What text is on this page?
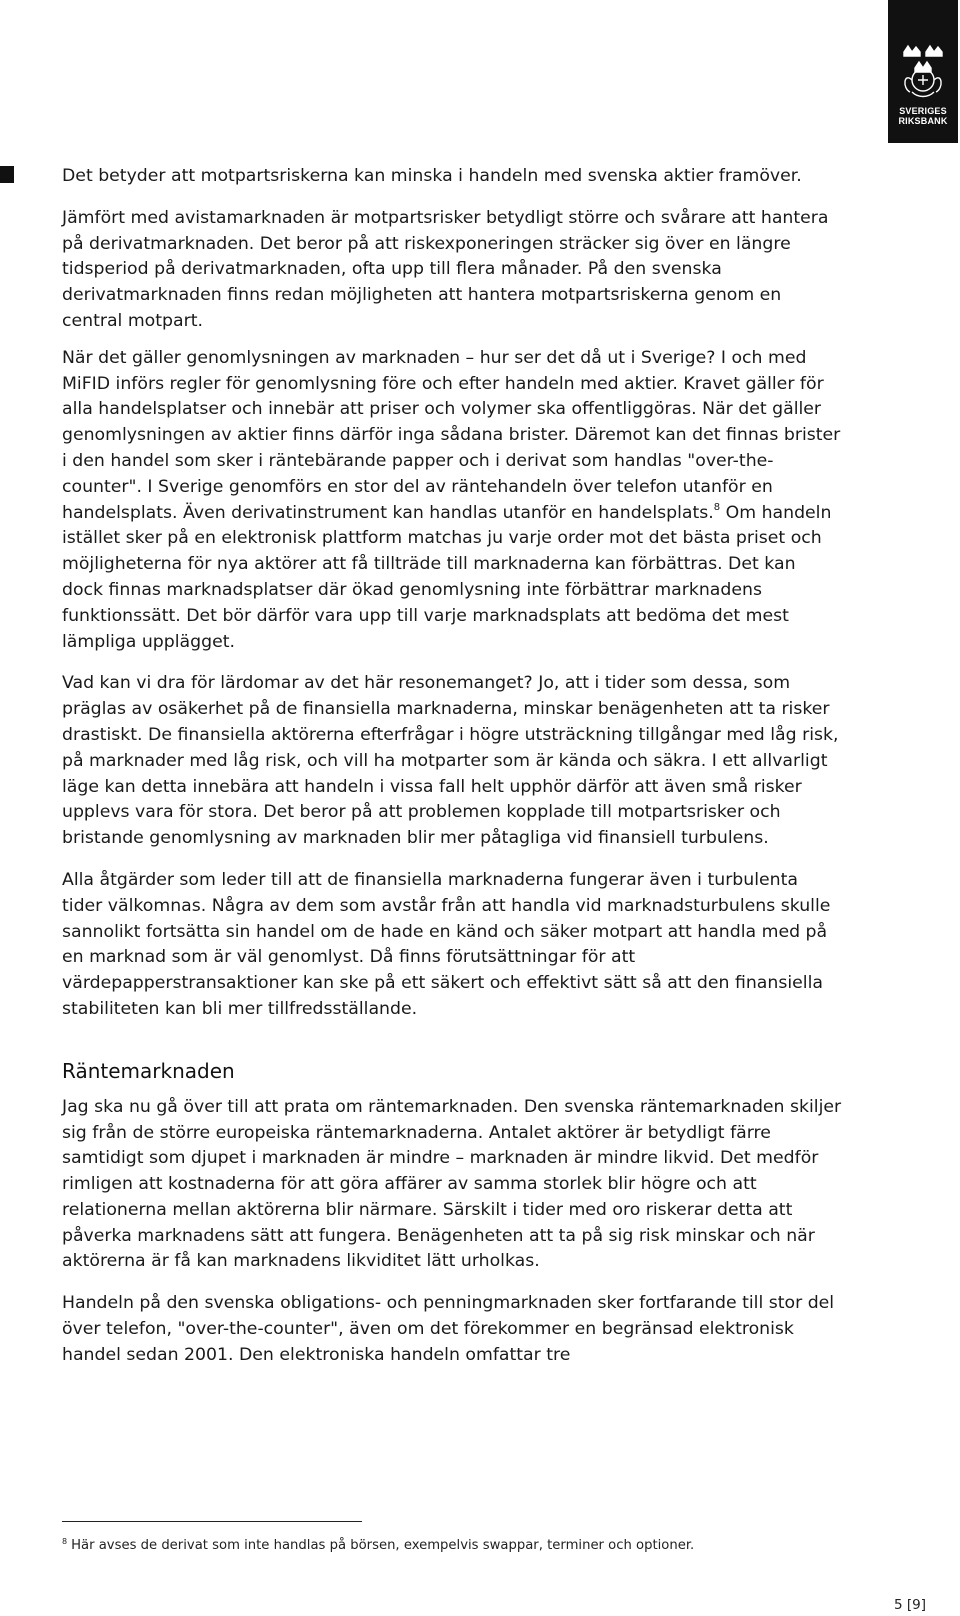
SVERIGES
RIKSBANK

Det betyder att motpartsriskerna kan minska i handeln med svenska aktier framöver.

Jämfört med avistamarknaden är motpartsrisker betydligt större och svårare att hantera på derivatmarknaden. Det beror på att riskexponeringen sträcker sig över en längre tidsperiod på derivatmarknaden, ofta upp till flera månader. På den svenska derivatmarknaden finns redan möjligheten att hantera motpartsriskerna genom en central motpart.

När det gäller genomlysningen av marknaden – hur ser det då ut i Sverige? I och med MiFID införs regler för genomlysning före och efter handeln med aktier. Kravet gäller för alla handelsplatser och innebär att priser och volymer ska offentliggöras. När det gäller genomlysningen av aktier finns därför inga sådana brister. Däremot kan det finnas brister i den handel som sker i räntebärande papper och i derivat som handlas "over-the-counter". I Sverige genomförs en stor del av räntehandeln över telefon utanför en handelsplats. Även derivatinstrument kan handlas utanför en handelsplats.$^8$ Om handeln istället sker på en elektronisk plattform matchas ju varje order mot det bästa priset och möjligheterna för nya aktörer att få tillträde till marknaderna kan förbättras. Det kan dock finnas marknadsplatser där ökad genomlysning inte förbättrar marknadens funktionssätt. Det bör därför vara upp till varje marknadsplats att bedöma det mest lämpliga upplägget.

Vad kan vi dra för lärdomar av det här resonemanget? Jo, att i tider som dessa, som präglas av osäkerhet på de finansiella marknaderna, minskar benägenheten att ta risker drastiskt. De finansiella aktörerna efterfrågar i högre utsträckning tillgångar med låg risk, på marknader med låg risk, och vill ha motparter som är kända och säkra. I ett allvarligt läge kan detta innebära att handeln i vissa fall helt upphör därför att även små risker upplevs vara för stora. Det beror på att problemen kopplade till motpartsrisker och bristande genomlysning av marknaden blir mer påtagliga vid finansiell turbulens.

Alla åtgärder som leder till att de finansiella marknaderna fungerar även i turbulenta tider välkomnas. Några av dem som avstår från att handla vid marknadsturbulens skulle sannolikt fortsätta sin handel om de hade en känd och säker motpart att handla med på en marknad som är väl genomlyst. Då finns förutsättningar för att värdepapperstransaktioner kan ske på ett säkert och effektivt sätt så att den finansiella stabiliteten kan bli mer tillfredsställande.

Räntemarknaden

Jag ska nu gå över till att prata om räntemarknaden. Den svenska räntemarknaden skiljer sig från de större europeiska räntemarknaderna. Antalet aktörer är betydligt färre samtidigt som djupet i marknaden är mindre – marknaden är mindre likvid. Det medför rimligen att kostnaderna för att göra affärer av samma storlek blir högre och att relationerna mellan aktörerna blir närmare. Särskilt i tider med oro riskerar detta att påverka marknadens sätt att fungera. Benägenheten att ta på sig risk minskar och när aktörerna är få kan marknadens likviditet lätt urholkas.

Handeln på den svenska obligations- och penningmarknaden sker fortfarande till stor del över telefon, "over-the-counter", även om det förekommer en begränsad elektronisk handel sedan 2001. Den elektroniska handeln omfattar tre

$^8$ Här avses de derivat som inte handlas på börsen, exempelvis swappar, terminer och optioner.
5 [9]
